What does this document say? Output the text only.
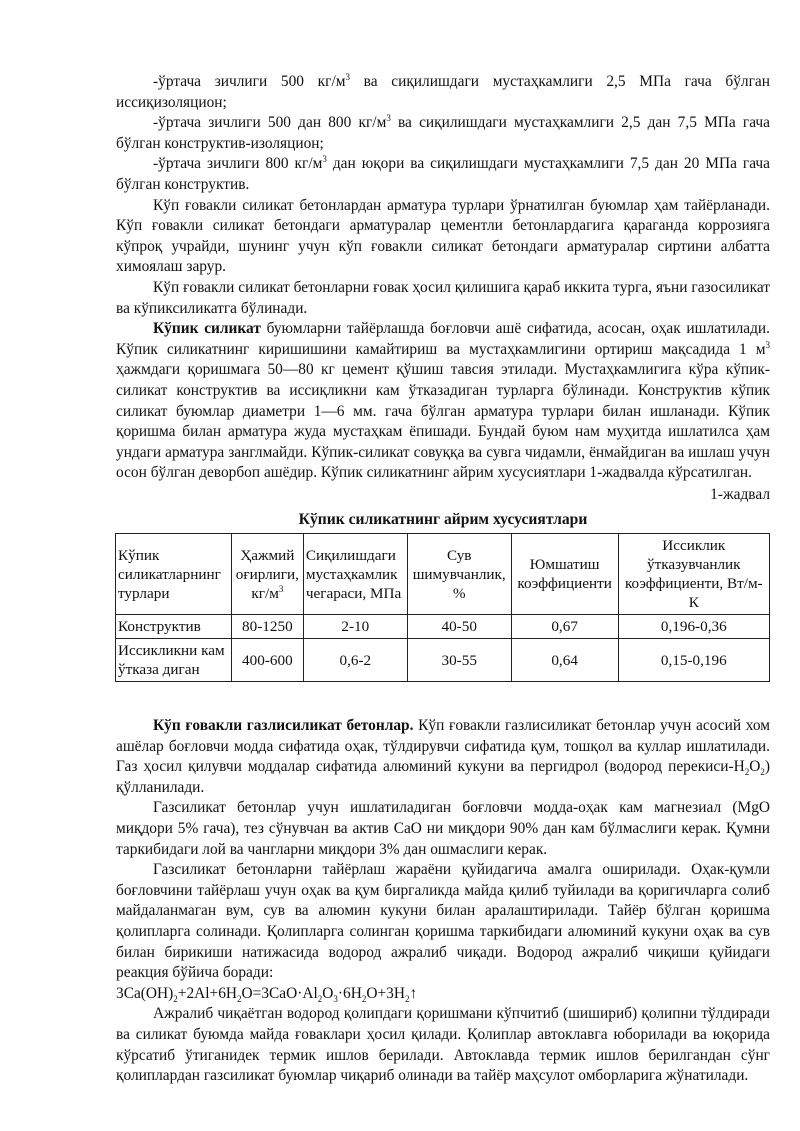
-ўртача зичлиги 500 $кг/м^3$ ва сиқилишдаги мустаҳкамлиги 2,5 МПа гача бўлган иссиқизоляцион;

-ўртача зичлиги 500 дан 800 $кг/м^3$ ва сиқилишдаги мустаҳкамлиги 2,5 дан 7,5 МПа гача бўлган конструктив-изоляцион;

-ўртача зичлиги 800 $кг/м^3$ дан юқори ва сиқилишдаги мустаҳкамлиги 7,5 дан 20 МПа гача бўлган конструктив.

Кўп ғовакли силикат бетонлардан арматура турлари ўрнатилган буюмлар ҳам тайёрланади. Кўп ғовакли силикат бетондаги арматуралар цементли бетонлардагига қараганда коррозияга кўпроқ учрайди, шунинг учун кўп ғовакли силикат бетондаги арматуралар сиртини албатта химоялаш зарур.

Кўп ғовакли силикат бетонларни ғовак ҳосил қилишига қараб иккита турга, яъни газосиликат ва кўпиксиликатга бўлинади.

Кўпик силикат буюмларни тайёрлашда боғловчи ашё сифатида, асосан, оҳак ишлатилади. Кўпик силикатнинг киришишини камайтириш ва мустаҳкамлигини ортириш мақсадида 1 $м^3$ ҳажмдаги қоришмага 50—80 кг цемент қўшиш тавсия этилади. Мустаҳкамлигига кўра кўпик-силикат конструктив ва иссиқликни кам ўтказадиган турларга бўлинади. Конструктив кўпик силикат буюмлар диаметри 1—6 мм. гача бўлган арматура турлари билан ишланади. Кўпик қоришма билан арматура жуда мустаҳкам ёпишади. Бундай буюм нам муҳитда ишлатилса ҳам ундаги арматура занглмайди. Кўпик-силикат совуққа ва сувга чидамли, ёнмайдиган ва ишлаш учун осон бўлган деворбоп ашёдир. Кўпик силикатнинг айрим хусусиятлари 1-жадвалда кўрсатилган.

1-жадвал

Кўпик силикатнинг айрим хусусиятлари

Кўпик силикатларнинг турлари	Ҳажмий оғирлиги, $кг/м^3$	Сиқилишдаги мустаҳкамлик чегараси, МПа	Сув шимувчанлик, %	Юмшатиш коэффициенти	Иссиклик ўтказувчанлик коэффициенти, Вт/м-К
Конструктив	80-1250	2-10	40-50	0,67	0,196-0,36
Иссикликни кам ўтказа диган	400-600	0,6-2	30-55	0,64	0,15-0,196

Кўп ғовакли газлисиликат бетонлар. Кўп ғовакли газлисиликат бетонлар учун асосий хом ашёлар боғловчи модда сифатида оҳак, тўлдирувчи сифатида қум, тошқол ва куллар ишлатилади. Газ ҳосил қилувчи моддалар сифатида алюминий кукуни ва пергидрол (водород перекиси-$Н_2О_2$) қўлланилади.

Газсиликат бетонлар учун ишлатиладиган боғловчи модда-оҳак кам магнезиал (MgO миқдори 5% гача), тез сўнувчан ва актив CaO ни миқдори 90% дан кам бўлмаслиги керак. Қумни таркибидаги лой ва чангларни миқдори 3% дан ошмаслиги керак.

Газсиликат бетонларни тайёрлаш жараёни қуйидагича амалга оширилади. Оҳак-қумли боғловчини тайёрлаш учун оҳак ва қум биргаликда майда қилиб туйилади ва қоригичларга солиб майдаланмаган вум, сув ва алюмин кукуни билан аралаштирилади. Тайёр бўлган қоришма қолипларга солинади. Қолипларга солинган қоришма таркибидаги алюминий кукуни оҳак ва сув билан бирикиши натижасида водород ажралиб чиқади. Водород ажралиб чиқиши қуйидаги реакция бўйича боради:

$3Ca(OH)_2+2Al+6H_2O=3CaO\cdot Al_2O_3\cdot 6H_2O+3H_2↑$

Ажралиб чиқаётган водород қолипдаги қоришмани кўпчитиб (шишириб) қолипни тўлдиради ва силикат буюмда майда ғоваклари ҳосил қилади. Қолиплар автоклавга юборилади ва юқорида кўрсатиб ўтиганидек термик ишлов берилади. Автоклавда термик ишлов берилгандан сўнг қолиплардан газсиликат буюмлар чиқариб олинади ва тайёр маҳсулот омборларига жўнатилади.
